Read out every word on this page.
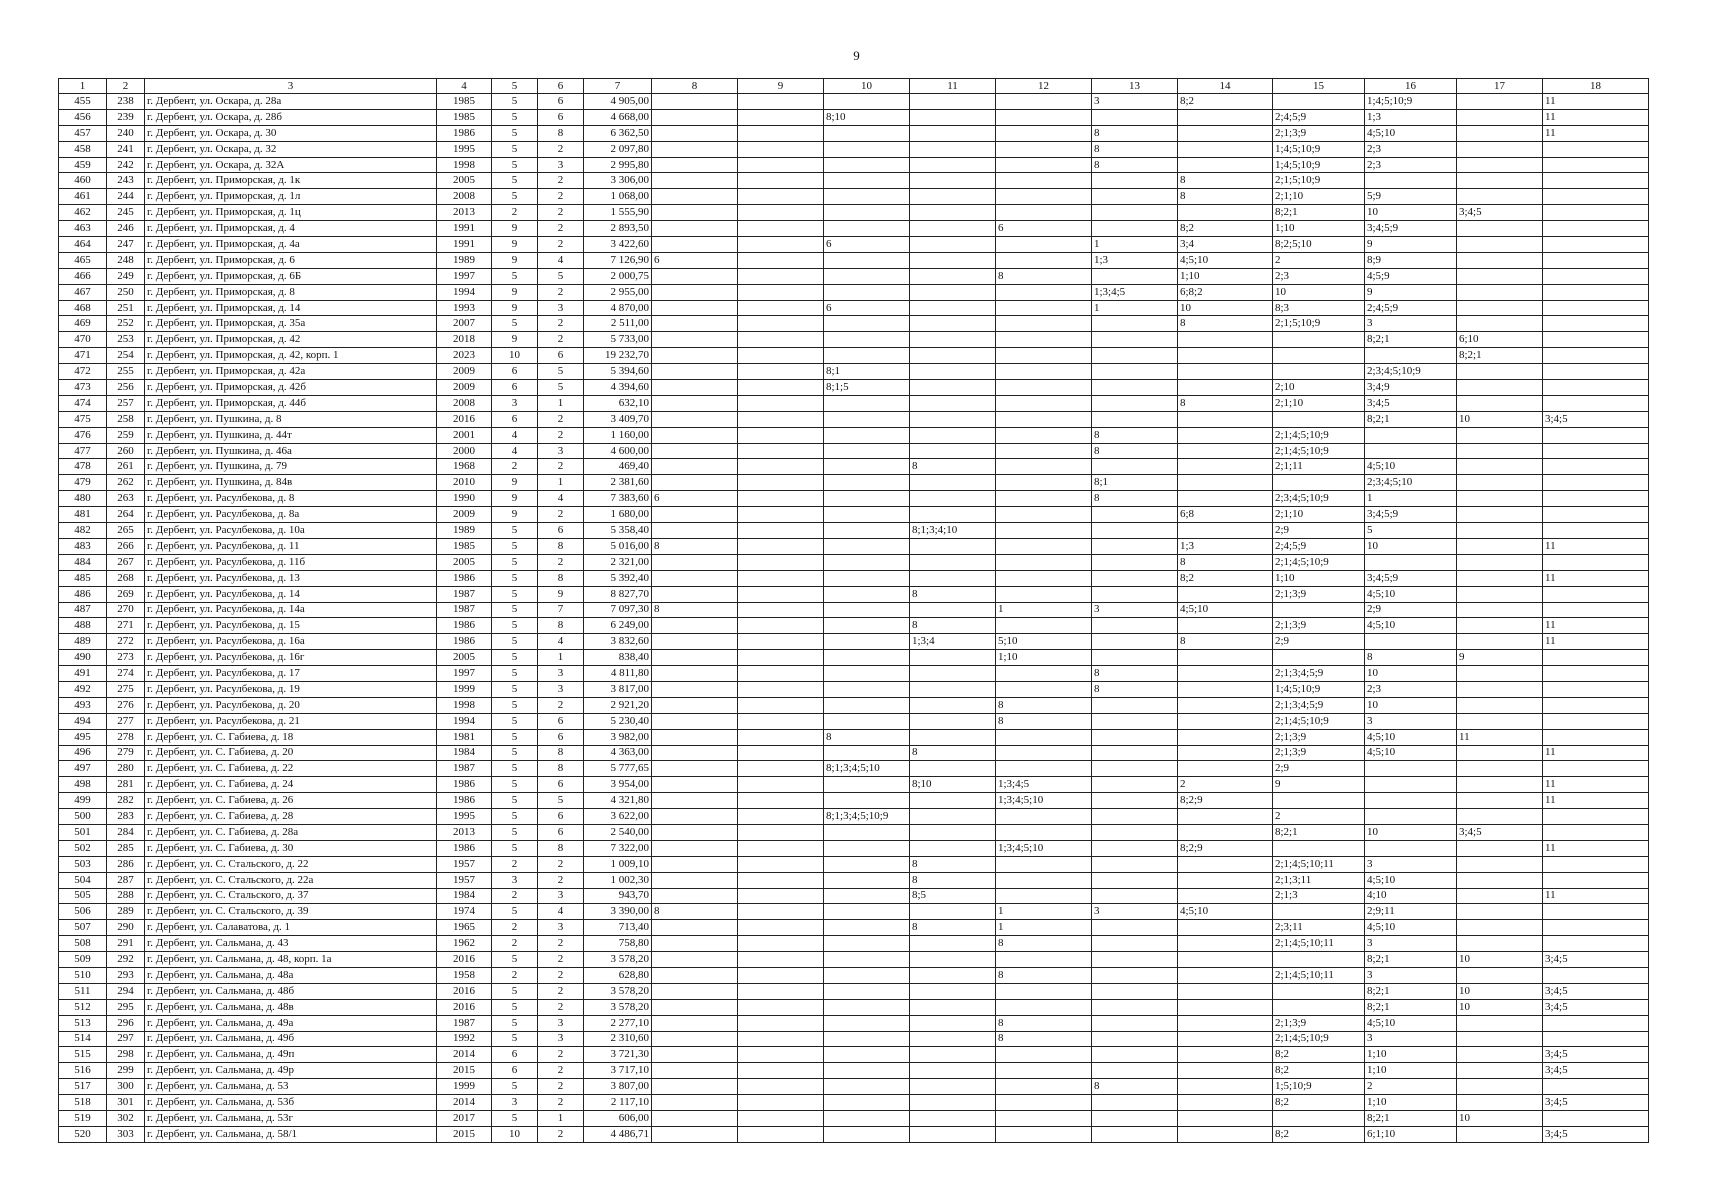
9
1	2	3	4	5	6	7	8	9	10	11	12	13	14	15	16	17	18
455	238	г. Дербент, ул. Оскара, д. 28а	1985	5	6	4 905,00						3	8;2		1;4;5;10;9		11
456	239	г. Дербент, ул. Оскара, д. 28б	1985	5	6	4 668,00			8;10					2;4;5;9	1;3		11
457	240	г. Дербент, ул. Оскара, д. 30	1986	5	8	6 362,50						8		2;1;3;9	4;5;10		11
458	241	г. Дербент, ул. Оскара, д. 32	1995	5	2	2 097,80						8		1;4;5;10;9	2;3		
459	242	г. Дербент, ул. Оскара, д. 32А	1998	5	3	2 995,80						8		1;4;5;10;9	2;3		
460	243	г. Дербент, ул. Приморская, д. 1к	2005	5	2	3 306,00							8	2;1;5;10;9			
461	244	г. Дербент, ул. Приморская, д. 1л	2008	5	2	1 068,00							8	2;1;10	5;9		
462	245	г. Дербент, ул. Приморская, д. 1ц	2013	2	2	1 555,90								8;2;1	10	3;4;5	
463	246	г. Дербент, ул. Приморская, д. 4	1991	9	2	2 893,50					6		8;2	1;10	3;4;5;9		
464	247	г. Дербент, ул. Приморская, д. 4а	1991	9	2	3 422,60			6			1	3;4	8;2;5;10	9		
465	248	г. Дербент, ул. Приморская, д. 6	1989	9	4	7 126,90	6					1;3	4;5;10	2	8;9		
466	249	г. Дербент, ул. Приморская, д. 6Б	1997	5	5	2 000,75					8		1;10	2;3	4;5;9		
467	250	г. Дербент, ул. Приморская, д. 8	1994	9	2	2 955,00						1;3;4;5	6;8;2	10	9		
468	251	г. Дербент, ул. Приморская, д. 14	1993	9	3	4 870,00			6			1	10	8;3	2;4;5;9		
469	252	г. Дербент, ул. Приморская, д. 35а	2007	5	2	2 511,00							8	2;1;5;10;9	3		
470	253	г. Дербент, ул. Приморская, д. 42	2018	9	2	5 733,00									8;2;1	6;10	
471	254	г. Дербент, ул. Приморская, д. 42, корп. 1	2023	10	6	19 232,70										8;2;1	
472	255	г. Дербент, ул. Приморская, д. 42а	2009	6	5	5 394,60			8;1						2;3;4;5;10;9		
473	256	г. Дербент, ул. Приморская, д. 42б	2009	6	5	4 394,60			8;1;5					2;10	3;4;9		
474	257	г. Дербент, ул. Приморская, д. 44б	2008	3	1	632,10							8	2;1;10	3;4;5		
475	258	г. Дербент, ул. Пушкина, д. 8	2016	6	2	3 409,70									8;2;1	10	3;4;5
476	259	г. Дербент, ул. Пушкина, д. 44т	2001	4	2	1 160,00						8		2;1;4;5;10;9			
477	260	г. Дербент, ул. Пушкина, д. 46а	2000	4	3	4 600,00						8		2;1;4;5;10;9			
478	261	г. Дербент, ул. Пушкина, д. 79	1968	2	2	469,40				8				2;1;11	4;5;10		
479	262	г. Дербент, ул. Пушкина, д. 84в	2010	9	1	2 381,60						8;1			2;3;4;5;10		
480	263	г. Дербент, ул. Расулбекова, д. 8	1990	9	4	7 383,60	6					8		2;3;4;5;10;9	1		
481	264	г. Дербент, ул. Расулбекова, д. 8а	2009	9	2	1 680,00							6;8	2;1;10	3;4;5;9		
482	265	г. Дербент, ул. Расулбекова, д. 10а	1989	5	6	5 358,40				8;1;3;4;10				2;9	5		
483	266	г. Дербент, ул. Расулбекова, д. 11	1985	5	8	5 016,00	8						1;3	2;4;5;9	10		11
484	267	г. Дербент, ул. Расулбекова, д. 11б	2005	5	2	2 321,00							8	2;1;4;5;10;9			
485	268	г. Дербент, ул. Расулбекова, д. 13	1986	5	8	5 392,40							8;2	1;10	3;4;5;9		11
486	269	г. Дербент, ул. Расулбекова, д. 14	1987	5	9	8 827,70				8				2;1;3;9	4;5;10		
487	270	г. Дербент, ул. Расулбекова, д. 14а	1987	5	7	7 097,30	8				1	3	4;5;10		2;9		
488	271	г. Дербент, ул. Расулбекова, д. 15	1986	5	8	6 249,00				8				2;1;3;9	4;5;10		11
489	272	г. Дербент, ул. Расулбекова, д. 16а	1986	5	4	3 832,60				1;3;4	5;10		8	2;9			11
490	273	г. Дербент, ул. Расулбекова, д. 16г	2005	5	1	838,40					1;10				8	9	
491	274	г. Дербент, ул. Расулбекова, д. 17	1997	5	3	4 811,80						8		2;1;3;4;5;9	10		
492	275	г. Дербент, ул. Расулбекова, д. 19	1999	5	3	3 817,00						8		1;4;5;10;9	2;3		
493	276	г. Дербент, ул. Расулбекова, д. 20	1998	5	2	2 921,20					8			2;1;3;4;5;9	10		
494	277	г. Дербент, ул. Расулбекова, д. 21	1994	5	6	5 230,40					8			2;1;4;5;10;9	3		
495	278	г. Дербент, ул. С. Габиева, д. 18	1981	5	6	3 982,00			8					2;1;3;9	4;5;10	11	
496	279	г. Дербент, ул. С. Габиева, д. 20	1984	5	8	4 363,00				8				2;1;3;9	4;5;10		11
497	280	г. Дербент, ул. С. Габиева, д. 22	1987	5	8	5 777,65			8;1;3;4;5;10					2;9			
498	281	г. Дербент, ул. С. Габиева, д. 24	1986	5	6	3 954,00				8;10	1;3;4;5		2	9			11
499	282	г. Дербент, ул. С. Габиева, д. 26	1986	5	5	4 321,80					1;3;4;5;10		8;2;9				11
500	283	г. Дербент, ул. С. Габиева, д. 28	1995	5	6	3 622,00			8;1;3;4;5;10;9					2			
501	284	г. Дербент, ул. С. Габиева, д. 28а	2013	5	6	2 540,00								8;2;1	10	3;4;5	
502	285	г. Дербент, ул. С. Габиева, д. 30	1986	5	8	7 322,00					1;3;4;5;10		8;2;9				11
503	286	г. Дербент, ул. С. Стальского, д. 22	1957	2	2	1 009,10				8				2;1;4;5;10;11	3		
504	287	г. Дербент, ул. С. Стальского, д. 22а	1957	3	2	1 002,30				8				2;1;3;11	4;5;10		
505	288	г. Дербент, ул. С. Стальского, д. 37	1984	2	3	943,70				8;5				2;1;3	4;10		11
506	289	г. Дербент, ул. С. Стальского, д. 39	1974	5	4	3 390,00	8				1	3	4;5;10		2;9;11		
507	290	г. Дербент, ул. Салаватова, д. 1	1965	2	3	713,40				8	1			2;3;11	4;5;10		
508	291	г. Дербент, ул. Сальмана, д. 43	1962	2	2	758,80					8			2;1;4;5;10;11	3		
509	292	г. Дербент, ул. Сальмана, д. 48, корп. 1а	2016	5	2	3 578,20									8;2;1	10	3;4;5
510	293	г. Дербент, ул. Сальмана, д. 48а	1958	2	2	628,80					8			2;1;4;5;10;11	3		
511	294	г. Дербент, ул. Сальмана, д. 48б	2016	5	2	3 578,20									8;2;1	10	3;4;5
512	295	г. Дербент, ул. Сальмана, д. 48в	2016	5	2	3 578,20									8;2;1	10	3;4;5
513	296	г. Дербент, ул. Сальмана, д. 49а	1987	5	3	2 277,10					8			2;1;3;9	4;5;10		
514	297	г. Дербент, ул. Сальмана, д. 49б	1992	5	3	2 310,60					8			2;1;4;5;10;9	3		
515	298	г. Дербент, ул. Сальмана, д. 49п	2014	6	2	3 721,30								8;2	1;10		3;4;5
516	299	г. Дербент, ул. Сальмана, д. 49р	2015	6	2	3 717,10								8;2	1;10		3;4;5
517	300	г. Дербент, ул. Сальмана, д. 53	1999	5	2	3 807,00						8		1;5;10;9	2		
518	301	г. Дербент, ул. Сальмана, д. 53б	2014	3	2	2 117,10								8;2	1;10		3;4;5
519	302	г. Дербент, ул. Сальмана, д. 53г	2017	5	1	606,00									8;2;1	10	
520	303	г. Дербент, ул. Сальмана, д. 58/1	2015	10	2	4 486,71								8;2	6;1;10		3;4;5
